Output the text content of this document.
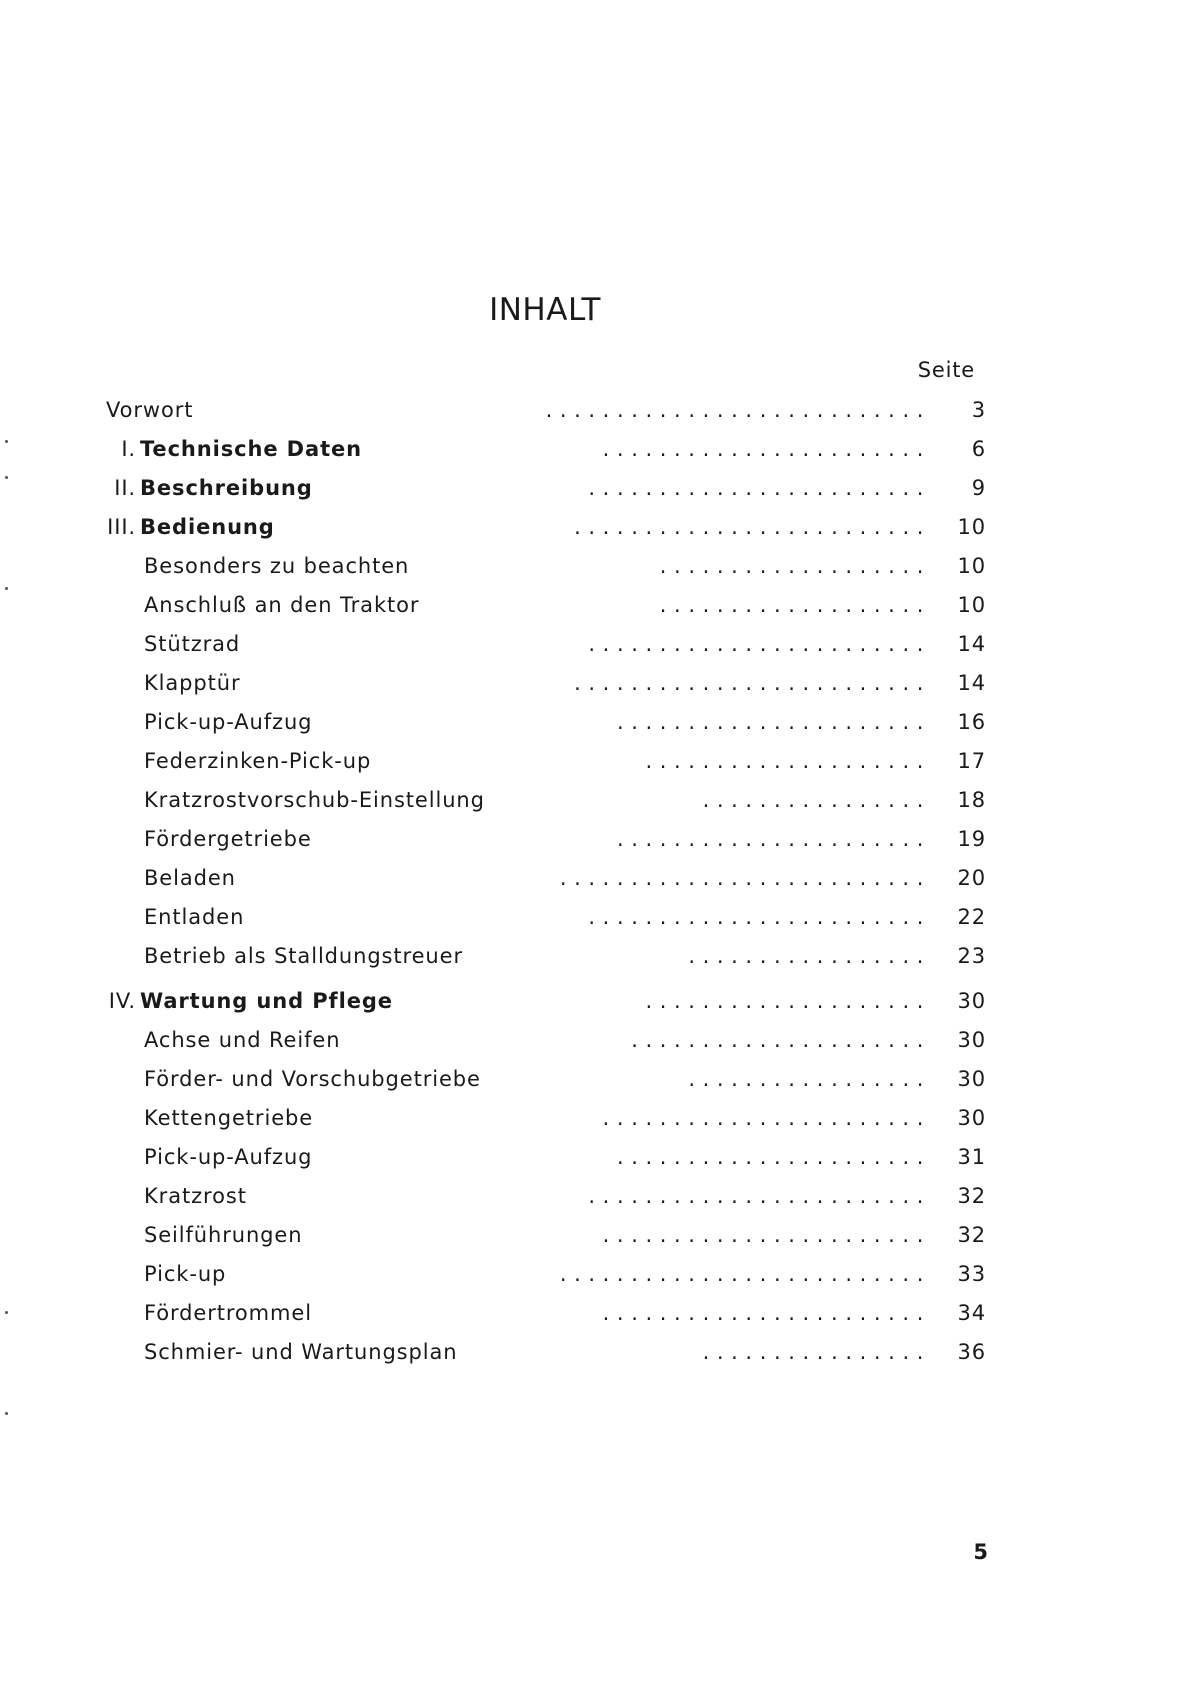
INHALT
Seite
Vorwort	...........................	3
I. Technische Daten	.......................	6
II. Beschreibung	........................	9
III. Bedienung	.........................	10
Besonders zu beachten	...................	10
Anschluß an den Traktor	...................	10
Stützrad	........................	14
Klapptür	.........................	14
Pick-up-Aufzug	......................	16
Federzinken-Pick-up	....................	17
Kratzrostvorschub-Einstellung	................	18
Fördergetriebe	......................	19
Beladen	..........................	20
Entladen	........................	22
Betrieb als Stalldungstreuer	.................	23
IV. Wartung und Pflege	....................	30
Achse und Reifen	.....................	30
Förder- und Vorschubgetriebe	.................	30
Kettengetriebe	.......................	30
Pick-up-Aufzug	......................	31
Kratzrost	........................	32
Seilführungen	.......................	32
Pick-up	..........................	33
Fördertrommel	.......................	34
Schmier- und Wartungsplan	................	36
5
